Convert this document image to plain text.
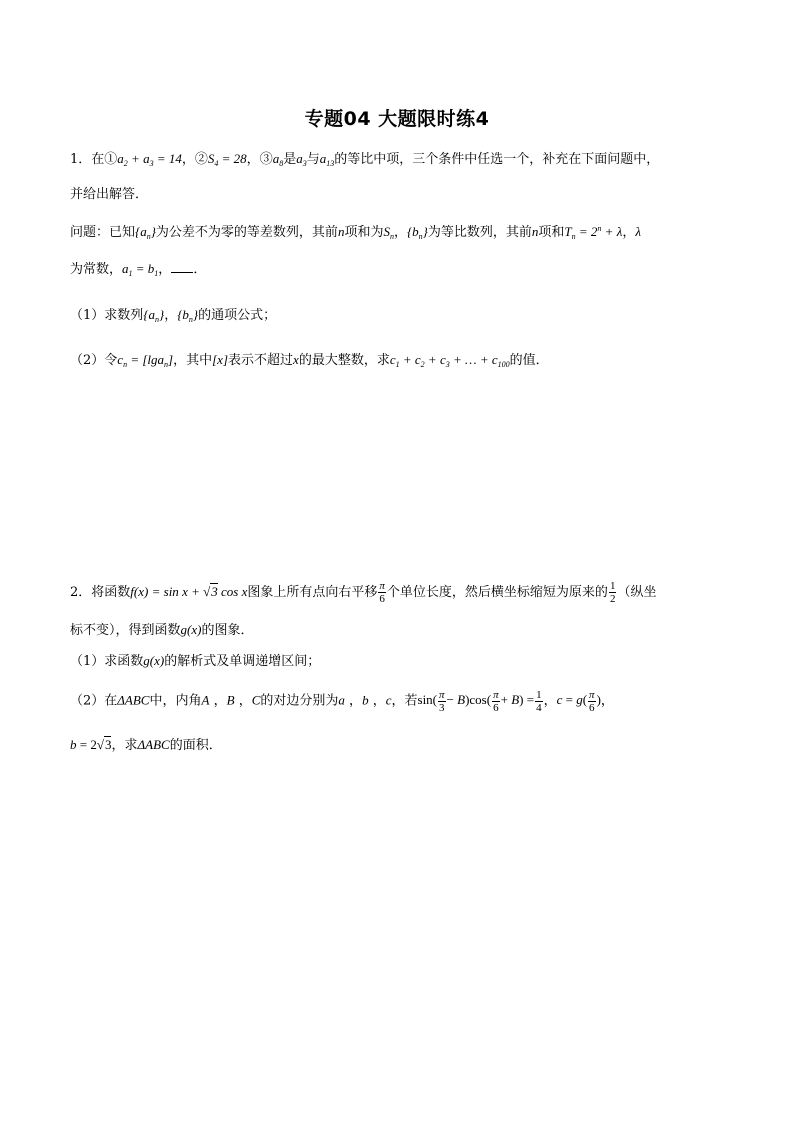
专题04 大题限时练4
1．在$①a_2 + a_3 = 14$，$②S_4 = 28$，$③a_8$是$a_3$与$a_{13}$的等比中项，三个条件中任选一个，补充在下面问题中，
并给出解答．
问题：已知$\{a_n\}$为公差不为零的等差数列，其前n项和为$S_n$，$\{b_n\}$为等比数列，其前n项和$T_n = 2^n + \lambda$，λ
为常数，$a_1 = b_1$， ．
（1）求数列$\{a_n\}$，$\{b_n\}$的通项公式；
（2）令$c_n = [\lg a_n]$，其中[x]表示不超过x的最大整数，求$c_1 + c_2 + c_3$ + … + $c_{100}$的值．
2．将函数f(x) = sin x + √3 cos x图象上所有点向右平移 $\frac{\pi}{6}$ 个单位长度，然后横坐标缩短为原来的 $\frac{1}{2}$ （纵坐
标不变），得到函数g(x)的图象．
（1）求函数g(x)的解析式及单调递增区间；
（2）在ΔABC中，内角A ，B ，C的对边分别为a ，b ，c，若$\sin( \frac{\pi}{3} - B)\cos( \frac{\pi}{6} + B) = \frac{1}{4}$ ，$c = g( \frac{\pi}{6}$ )，
b = 2√3，求ΔABC的面积．
